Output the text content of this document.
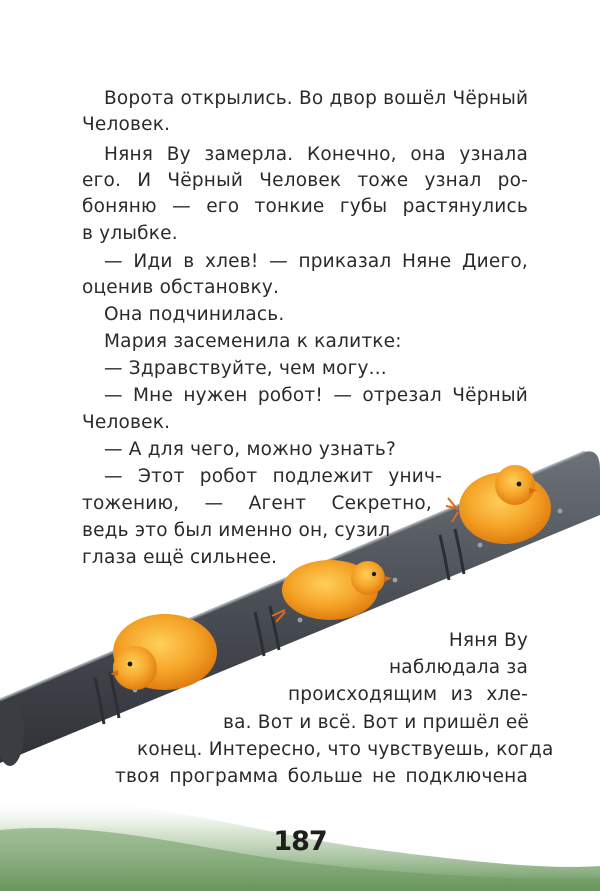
Ворота открылись. Во двор вошёл Чёрный
Человек.
Няня Ву замерла. Конечно, она узнала
его. И Чёрный Человек тоже узнал ро-
боняню — его тонкие губы растянулись
в улыбке.
— Иди в хлев! — приказал Няне Диего,
оценив обстановку.
Она подчинилась.
Мария засеменила к калитке:
— Здравствуйте, чем могу...
— Мне нужен робот! — отрезал Чёрный
Человек.
— А для чего, можно узнать?
— Этот робот подлежит унич-
тожению, — Агент Секретно,
ведь это был именно он, сузил
глаза ещё сильнее.
Няня Ву
наблюдала за
происходящим из хле-
ва. Вот и всё. Вот и пришёл её
конец. Интересно, что чувствуешь, когда
твоя программа больше не подключена
187
